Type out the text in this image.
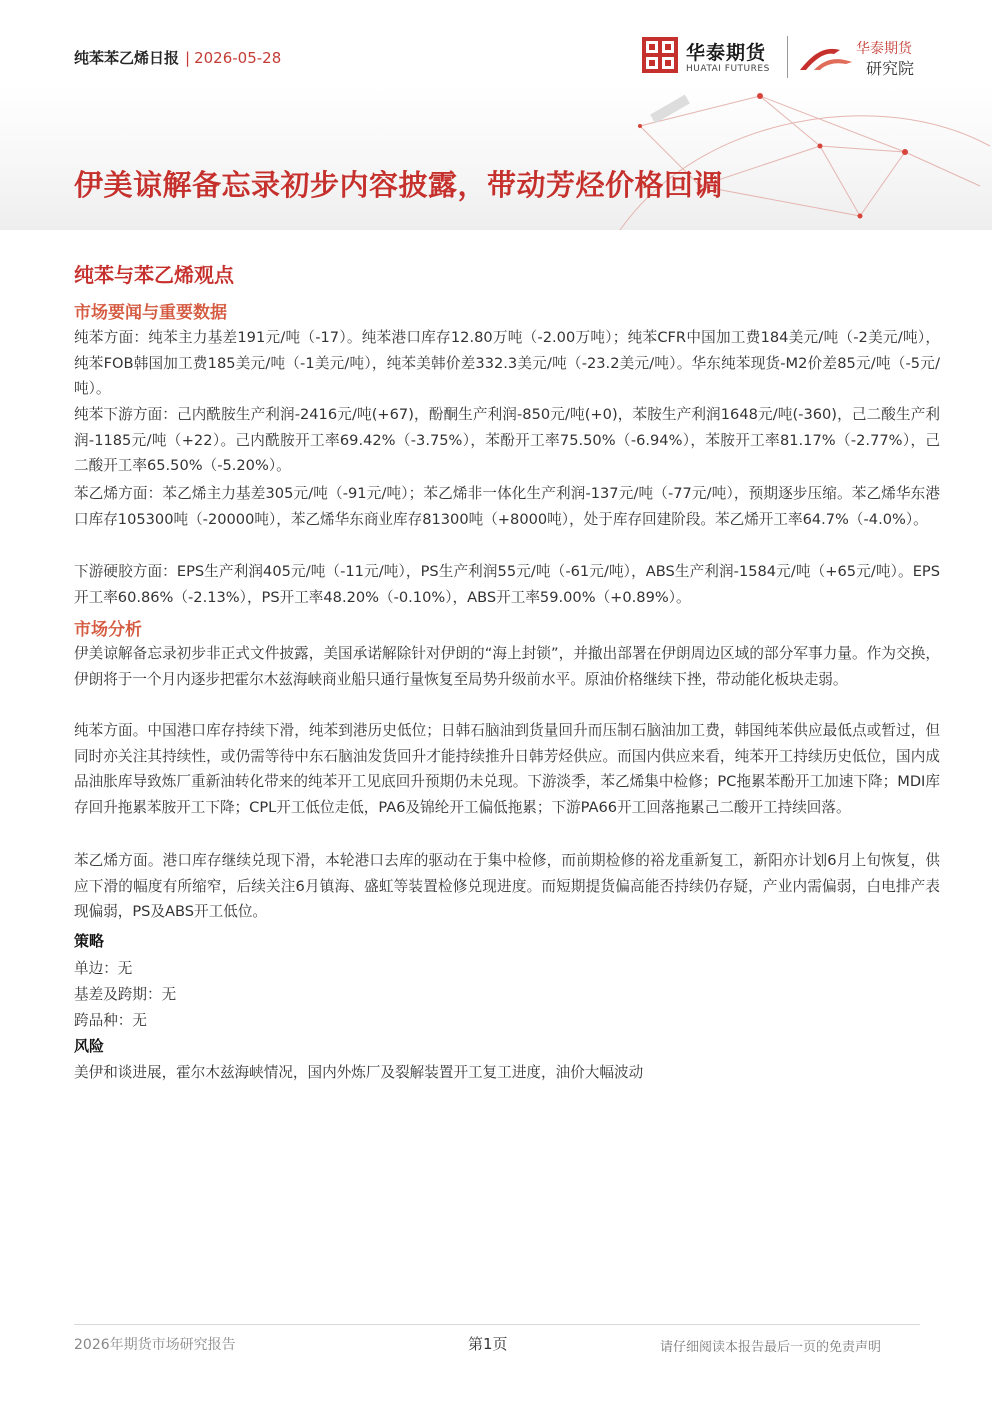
纯苯苯乙烯日报 | 2026-05-28	华泰期货
HUATAI FUTURES
华泰期货
研究院
伊美谅解备忘录初步内容披露，带动芳烃价格回调
纯苯与苯乙烯观点
市场要闻与重要数据

纯苯方面：纯苯主力基差191元/吨（-17）。纯苯港口库存12.80万吨（-2.00万吨）；纯苯CFR中国加工费184美元/吨（-2美元/吨），纯苯FOB韩国加工费185美元/吨（-1美元/吨），纯苯美韩价差332.3美元/吨（-23.2美元/吨）。华东纯苯现货-M2价差85元/吨（-5元/吨）。

纯苯下游方面：己内酰胺生产利润-2416元/吨(+67)，酚酮生产利润-850元/吨(+0)，苯胺生产利润1648元/吨(-360)，己二酸生产利润-1185元/吨（+22）。己内酰胺开工率69.42%（-3.75%），苯酚开工率75.50%（-6.94%），苯胺开工率81.17%（-2.77%），己二酸开工率65.50%（-5.20%）。

苯乙烯方面：苯乙烯主力基差305元/吨（-91元/吨）；苯乙烯非一体化生产利润-137元/吨（-77元/吨），预期逐步压缩。苯乙烯华东港口库存105300吨（-20000吨），苯乙烯华东商业库存81300吨（+8000吨），处于库存回建阶段。苯乙烯开工率64.7%（-4.0%）。

下游硬胶方面：EPS生产利润405元/吨（-11元/吨），PS生产利润55元/吨（-61元/吨），ABS生产利润-1584元/吨（+65元/吨）。EPS开工率60.86%（-2.13%），PS开工率48.20%（-0.10%），ABS开工率59.00%（+0.89%）。

市场分析

伊美谅解备忘录初步非正式文件披露，美国承诺解除针对伊朗的“海上封锁”，并撤出部署在伊朗周边区域的部分军事力量。作为交换，伊朗将于一个月内逐步把霍尔木兹海峡商业船只通行量恢复至局势升级前水平。原油价格继续下挫，带动能化板块走弱。

纯苯方面。中国港口库存持续下滑，纯苯到港历史低位；日韩石脑油到货量回升而压制石脑油加工费，韩国纯苯供应最低点或暂过，但同时亦关注其持续性，或仍需等待中东石脑油发货回升才能持续推升日韩芳烃供应。而国内供应来看，纯苯开工持续历史低位，国内成品油胀库导致炼厂重新油转化带来的纯苯开工见底回升预期仍未兑现。下游淡季，苯乙烯集中检修；PC拖累苯酚开工加速下降；MDI库存回升拖累苯胺开工下降；CPL开工低位走低，PA6及锦纶开工偏低拖累；下游PA66开工回落拖累己二酸开工持续回落。

苯乙烯方面。港口库存继续兑现下滑，本轮港口去库的驱动在于集中检修，而前期检修的裕龙重新复工，新阳亦计划6月上旬恢复，供应下滑的幅度有所缩窄，后续关注6月镇海、盛虹等装置检修兑现进度。而短期提货偏高能否持续仍存疑，产业内需偏弱，白电排产表现偏弱，PS及ABS开工低位。

策略
单边：无
基差及跨期：无
跨品种：无
风险
美伊和谈进展，霍尔木兹海峡情况，国内外炼厂及裂解装置开工复工进度，油价大幅波动
2026年期货市场研究报告	第1页	请仔细阅读本报告最后一页的免责声明
